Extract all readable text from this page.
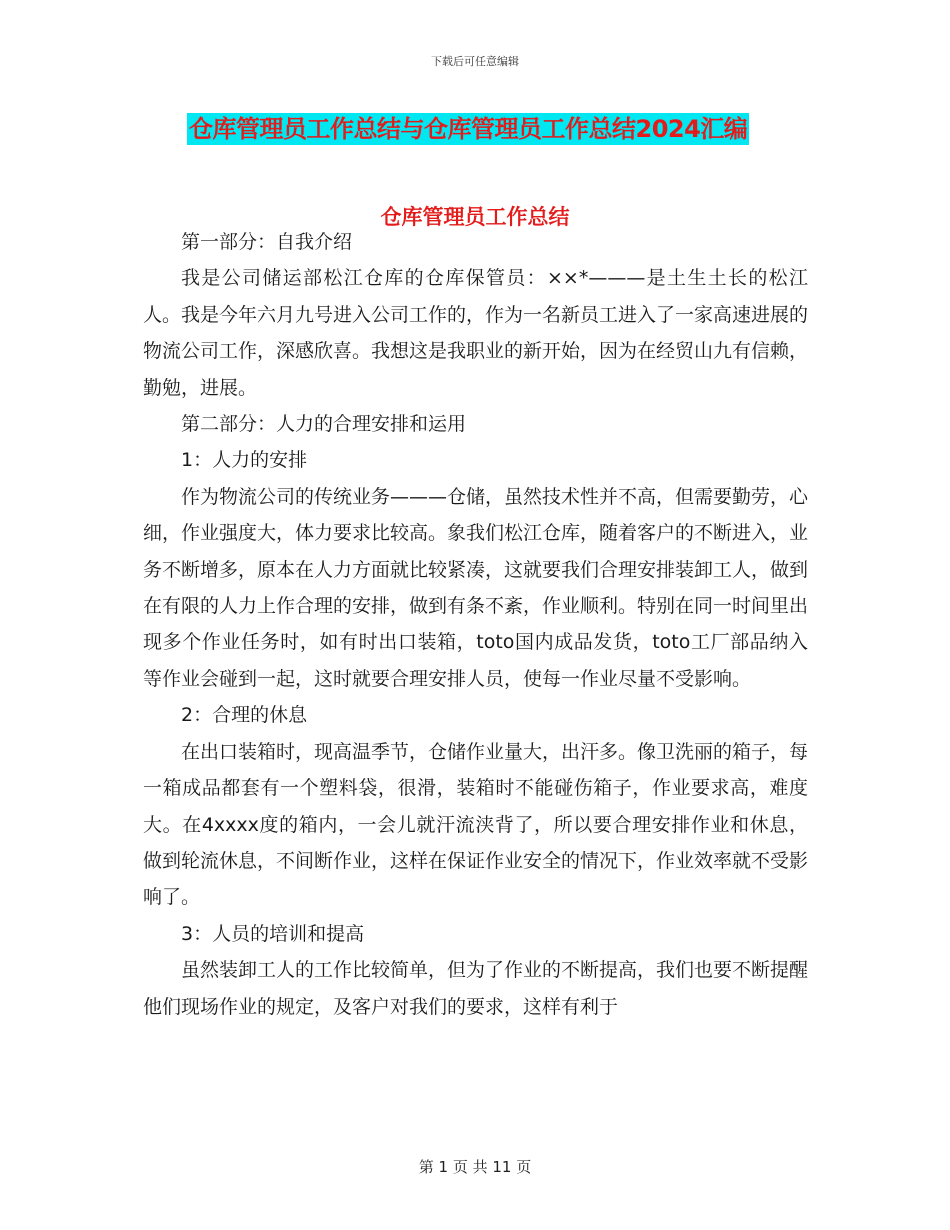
下载后可任意编辑
仓库管理员工作总结与仓库管理员工作总结2024汇编
仓库管理员工作总结

第一部分：自我介绍

我是公司储运部松江仓库的仓库保管员：××*———是土生土长的松江人。我是今年六月九号进入公司工作的，作为一名新员工进入了一家高速进展的物流公司工作，深感欣喜。我想这是我职业的新开始，因为在经贸山九有信赖，勤勉，进展。

第二部分：人力的合理安排和运用

1：人力的安排

作为物流公司的传统业务———仓储，虽然技术性并不高，但需要勤劳，心细，作业强度大，体力要求比较高。象我们松江仓库，随着客户的不断进入，业务不断增多，原本在人力方面就比较紧凑，这就要我们合理安排装卸工人，做到在有限的人力上作合理的安排，做到有条不紊，作业顺利。特别在同一时间里出现多个作业任务时，如有时出口装箱，toto国内成品发货，toto工厂部品纳入等作业会碰到一起，这时就要合理安排人员，使每一作业尽量不受影响。

2：合理的休息

在出口装箱时，现高温季节，仓储作业量大，出汗多。像卫洗丽的箱子，每一箱成品都套有一个塑料袋，很滑，装箱时不能碰伤箱子，作业要求高，难度大。在4xxxx度的箱内，一会儿就汗流浃背了，所以要合理安排作业和休息，做到轮流休息，不间断作业，这样在保证作业安全的情况下，作业效率就不受影响了。

3：人员的培训和提高

虽然装卸工人的工作比较简单，但为了作业的不断提高，我们也要不断提醒他们现场作业的规定，及客户对我们的要求，这样有利于

第 1 页 共 11 页
